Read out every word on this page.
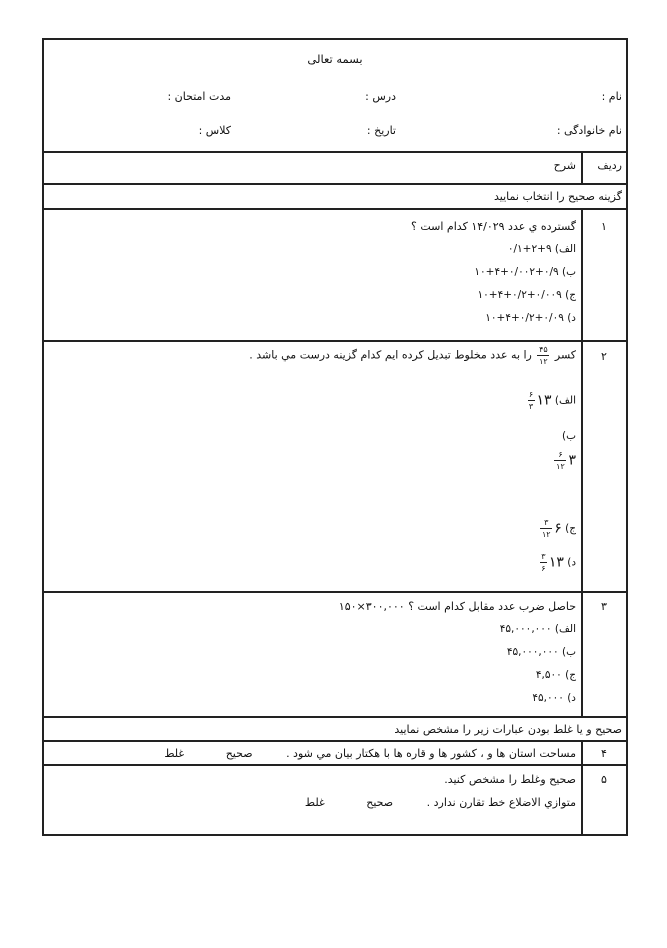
بسمه تعالی
نام :
درس :
مدت امتحان :
نام خانوادگی :
تاریخ :
کلاس :
ردیف
شرح
گزینه صحیح را انتخاب نمایید
۱
گسترده ي عدد ۱۴/۰۲۹ کدام است ؟
الف) ۹+۲+۰/۱
ب) ۰/۹+۰/۰۰۲+۴+۱۰
ج) ۰/۰۰۹+۰/۲+۴+۱۰
د) ۰/۰۹+۰/۲+۴+۱۰
۲
کسر
$\frac{۴۵}{۱۲}$
را به عدد مخلوط تبدیل کرده ایم کدام گزینه درست مي باشد .
الف) ۱۳
$\frac{۶}{۳}$
ب)
۳
$\frac{۶}{۱۲}$
ج) ۶
$\frac{۳}{۱۲}$
د) ۱۳
$\frac{۳}{۶}$
۳
حاصل ضرب عدد مقابل کدام است ؟ ۳۰۰,۰۰۰×۱۵۰
الف) ۴۵,۰۰۰,۰۰۰
ب) ۴۵,۰۰۰,۰۰۰
ج) ۴,۵۰۰
د) ۴۵,۰۰۰
صحیح و یا غلط بودن عبارات زیر را مشخص نمایید
۴
مساحت استان ها و ، کشور ها و قاره ها با هکتار بیان مي شود . صحیح غلط
۵
صحیح وغلط را مشخص کنید.
متوازي الاضلاع خط تقارن ندارد . صحیح غلط
